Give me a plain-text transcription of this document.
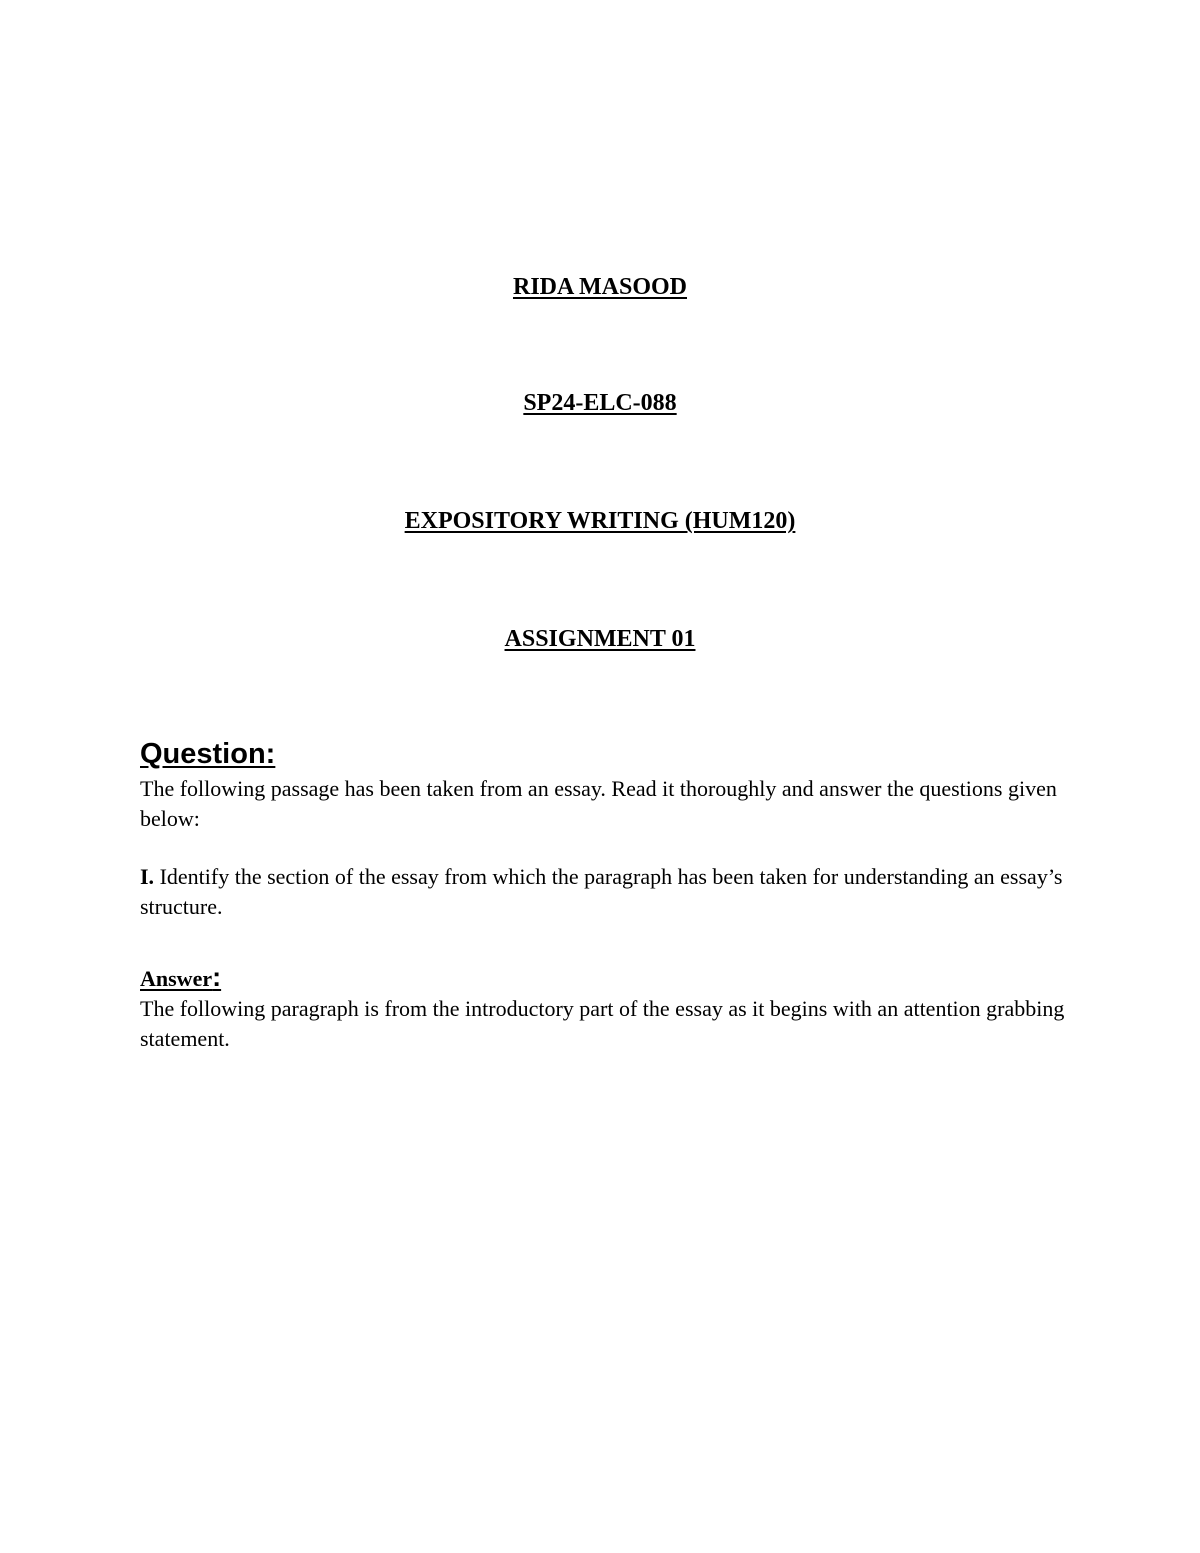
RIDA MASOOD
SP24-ELC-088
EXPOSITORY WRITING (HUM120)
ASSIGNMENT 01
Question:
The following passage has been taken from an essay. Read it thoroughly and answer the questions given below:
I. Identify the section of the essay from which the paragraph has been taken for understanding an essay’s structure.
Answer:
The following paragraph is from the introductory part of the essay as it begins with an attention grabbing statement.
